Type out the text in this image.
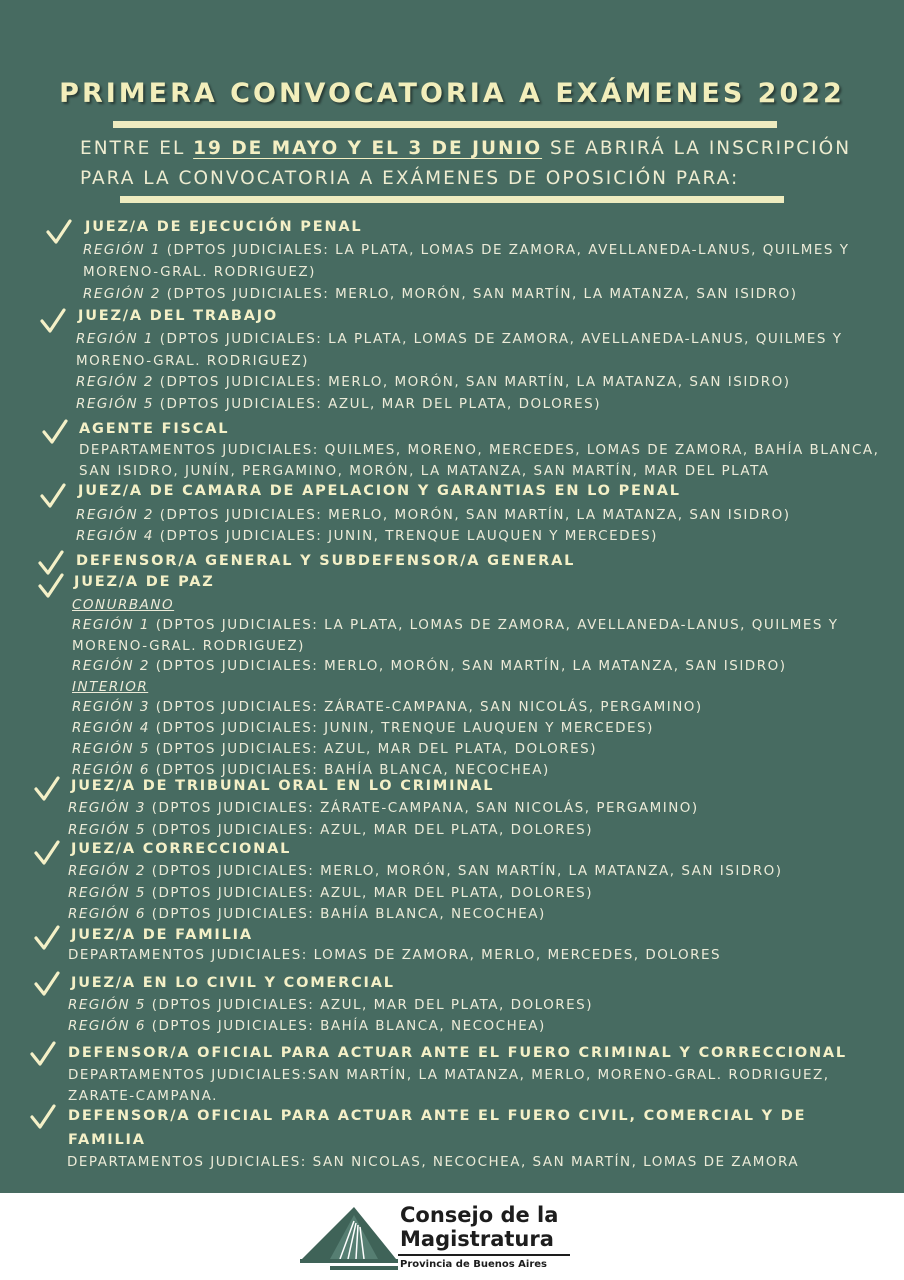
PRIMERA CONVOCATORIA A EXÁMENES 2022
ENTRE EL 19 DE MAYO Y EL 3 DE JUNIO SE ABRIRÁ LA INSCRIPCIÓN
PARA LA CONVOCATORIA A EXÁMENES DE OPOSICIÓN PARA:
JUEZ/A DE EJECUCIÓN PENAL
REGIÓN 1 (DPTOS JUDICIALES: LA PLATA, LOMAS DE ZAMORA, AVELLANEDA-LANUS, QUILMES Y
MORENO-GRAL. RODRIGUEZ)
REGIÓN 2 (DPTOS JUDICIALES: MERLO, MORÓN, SAN MARTÍN, LA MATANZA, SAN ISIDRO)
JUEZ/A DEL TRABAJO
REGIÓN 1 (DPTOS JUDICIALES: LA PLATA, LOMAS DE ZAMORA, AVELLANEDA-LANUS, QUILMES Y
MORENO-GRAL. RODRIGUEZ)
REGIÓN 2 (DPTOS JUDICIALES: MERLO, MORÓN, SAN MARTÍN, LA MATANZA, SAN ISIDRO)
REGIÓN 5 (DPTOS JUDICIALES: AZUL, MAR DEL PLATA, DOLORES)
AGENTE FISCAL
DEPARTAMENTOS JUDICIALES: QUILMES, MORENO, MERCEDES, LOMAS DE ZAMORA, BAHÍA BLANCA,
SAN ISIDRO, JUNÍN, PERGAMINO, MORÓN, LA MATANZA, SAN MARTÍN, MAR DEL PLATA
JUEZ/A DE CAMARA DE APELACION Y GARANTIAS EN LO PENAL
REGIÓN 2 (DPTOS JUDICIALES: MERLO, MORÓN, SAN MARTÍN, LA MATANZA, SAN ISIDRO)
REGIÓN 4 (DPTOS JUDICIALES: JUNIN, TRENQUE LAUQUEN Y MERCEDES)
DEFENSOR/A GENERAL Y SUBDEFENSOR/A GENERAL
JUEZ/A DE PAZ
CONURBANO
REGIÓN 1 (DPTOS JUDICIALES: LA PLATA, LOMAS DE ZAMORA, AVELLANEDA-LANUS, QUILMES Y
MORENO-GRAL. RODRIGUEZ)
REGIÓN 2 (DPTOS JUDICIALES: MERLO, MORÓN, SAN MARTÍN, LA MATANZA, SAN ISIDRO)
INTERIOR
REGIÓN 3 (DPTOS JUDICIALES: ZÁRATE-CAMPANA, SAN NICOLÁS, PERGAMINO)
REGIÓN 4 (DPTOS JUDICIALES: JUNIN, TRENQUE LAUQUEN Y MERCEDES)
REGIÓN 5 (DPTOS JUDICIALES: AZUL, MAR DEL PLATA, DOLORES)
REGIÓN 6 (DPTOS JUDICIALES: BAHÍA BLANCA, NECOCHEA)
JUEZ/A DE TRIBUNAL ORAL EN LO CRIMINAL
REGIÓN 3 (DPTOS JUDICIALES: ZÁRATE-CAMPANA, SAN NICOLÁS, PERGAMINO)
REGIÓN 5 (DPTOS JUDICIALES: AZUL, MAR DEL PLATA, DOLORES)
JUEZ/A CORRECCIONAL
REGIÓN 2 (DPTOS JUDICIALES: MERLO, MORÓN, SAN MARTÍN, LA MATANZA, SAN ISIDRO)
REGIÓN 5 (DPTOS JUDICIALES: AZUL, MAR DEL PLATA, DOLORES)
REGIÓN 6 (DPTOS JUDICIALES: BAHÍA BLANCA, NECOCHEA)
JUEZ/A DE FAMILIA
DEPARTAMENTOS JUDICIALES: LOMAS DE ZAMORA, MERLO, MERCEDES, DOLORES
JUEZ/A EN LO CIVIL Y COMERCIAL
REGIÓN 5 (DPTOS JUDICIALES: AZUL, MAR DEL PLATA, DOLORES)
REGIÓN 6 (DPTOS JUDICIALES: BAHÍA BLANCA, NECOCHEA)
DEFENSOR/A OFICIAL PARA ACTUAR ANTE EL FUERO CRIMINAL Y CORRECCIONAL
DEPARTAMENTOS JUDICIALES:SAN MARTÍN, LA MATANZA, MERLO, MORENO-GRAL. RODRIGUEZ,
ZARATE-CAMPANA.
DEFENSOR/A OFICIAL PARA ACTUAR ANTE EL FUERO CIVIL, COMERCIAL Y DE
FAMILIA
DEPARTAMENTOS JUDICIALES: SAN NICOLAS, NECOCHEA, SAN MARTÍN, LOMAS DE ZAMORA
Consejo de la
Magistratura
Provincia de Buenos Aires
